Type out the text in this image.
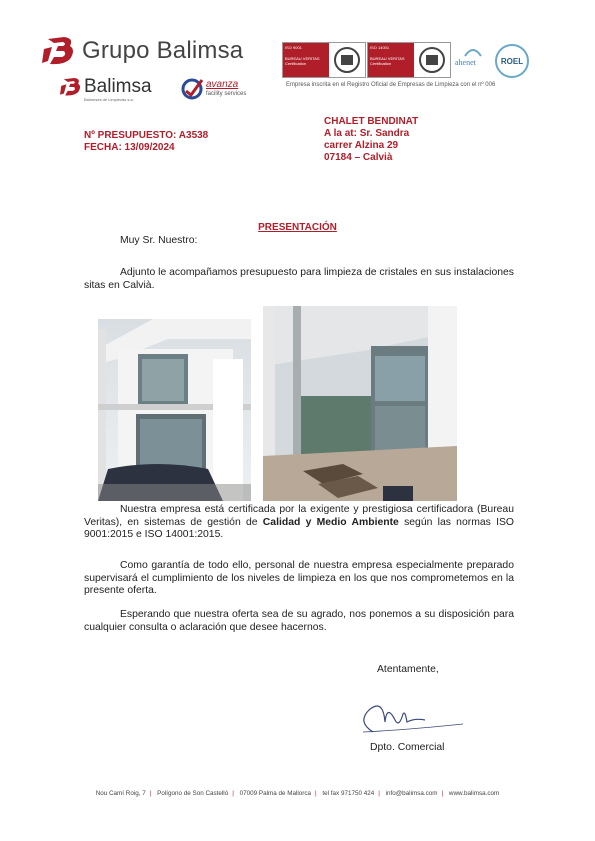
Grupo Balimsa
Balimsa
Balmeses de Limpiezas s.a.
avanza
facility services
ISO 9001
BUREAU VERITAS
Certification
ISO 14001
BUREAU VERITAS
Certification	ahenet	ROEL
Empresa inscrita en el Registro Oficial de Empresas de Limpieza con el nº 006
Nº PRESUPUESTO: A3538
FECHA: 13/09/2024
CHALET BENDINAT
A la at: Sr. Sandra
carrer Alzina 29
07184 – Calvià
PRESENTACIÓN
Muy Sr. Nuestro:
Adjunto le acompañamos presupuesto para limpieza de cristales en sus instalaciones sitas en Calvià.
Nuestra empresa está certificada por la exigente y prestigiosa certificadora (Bureau Veritas), en sistemas de gestión de Calidad y Medio Ambiente según las normas ISO 9001:2015 e ISO 14001:2015.
Como garantía de todo ello, personal de nuestra empresa especialmente preparado supervisará el cumplimiento de los niveles de limpieza en los que nos comprometemos en la presente oferta.
Esperando que nuestra oferta sea de su agrado, nos ponemos a su disposición para cualquier consulta o aclaración que desee hacernos.
Atentamente,
Dpto. Comercial
Nou Camí Roig, 7 | Polígono de Son Castelló | 07009 Palma de Mallorca | tel fax 971750 424 | info@balimsa.com | www.balimsa.com
